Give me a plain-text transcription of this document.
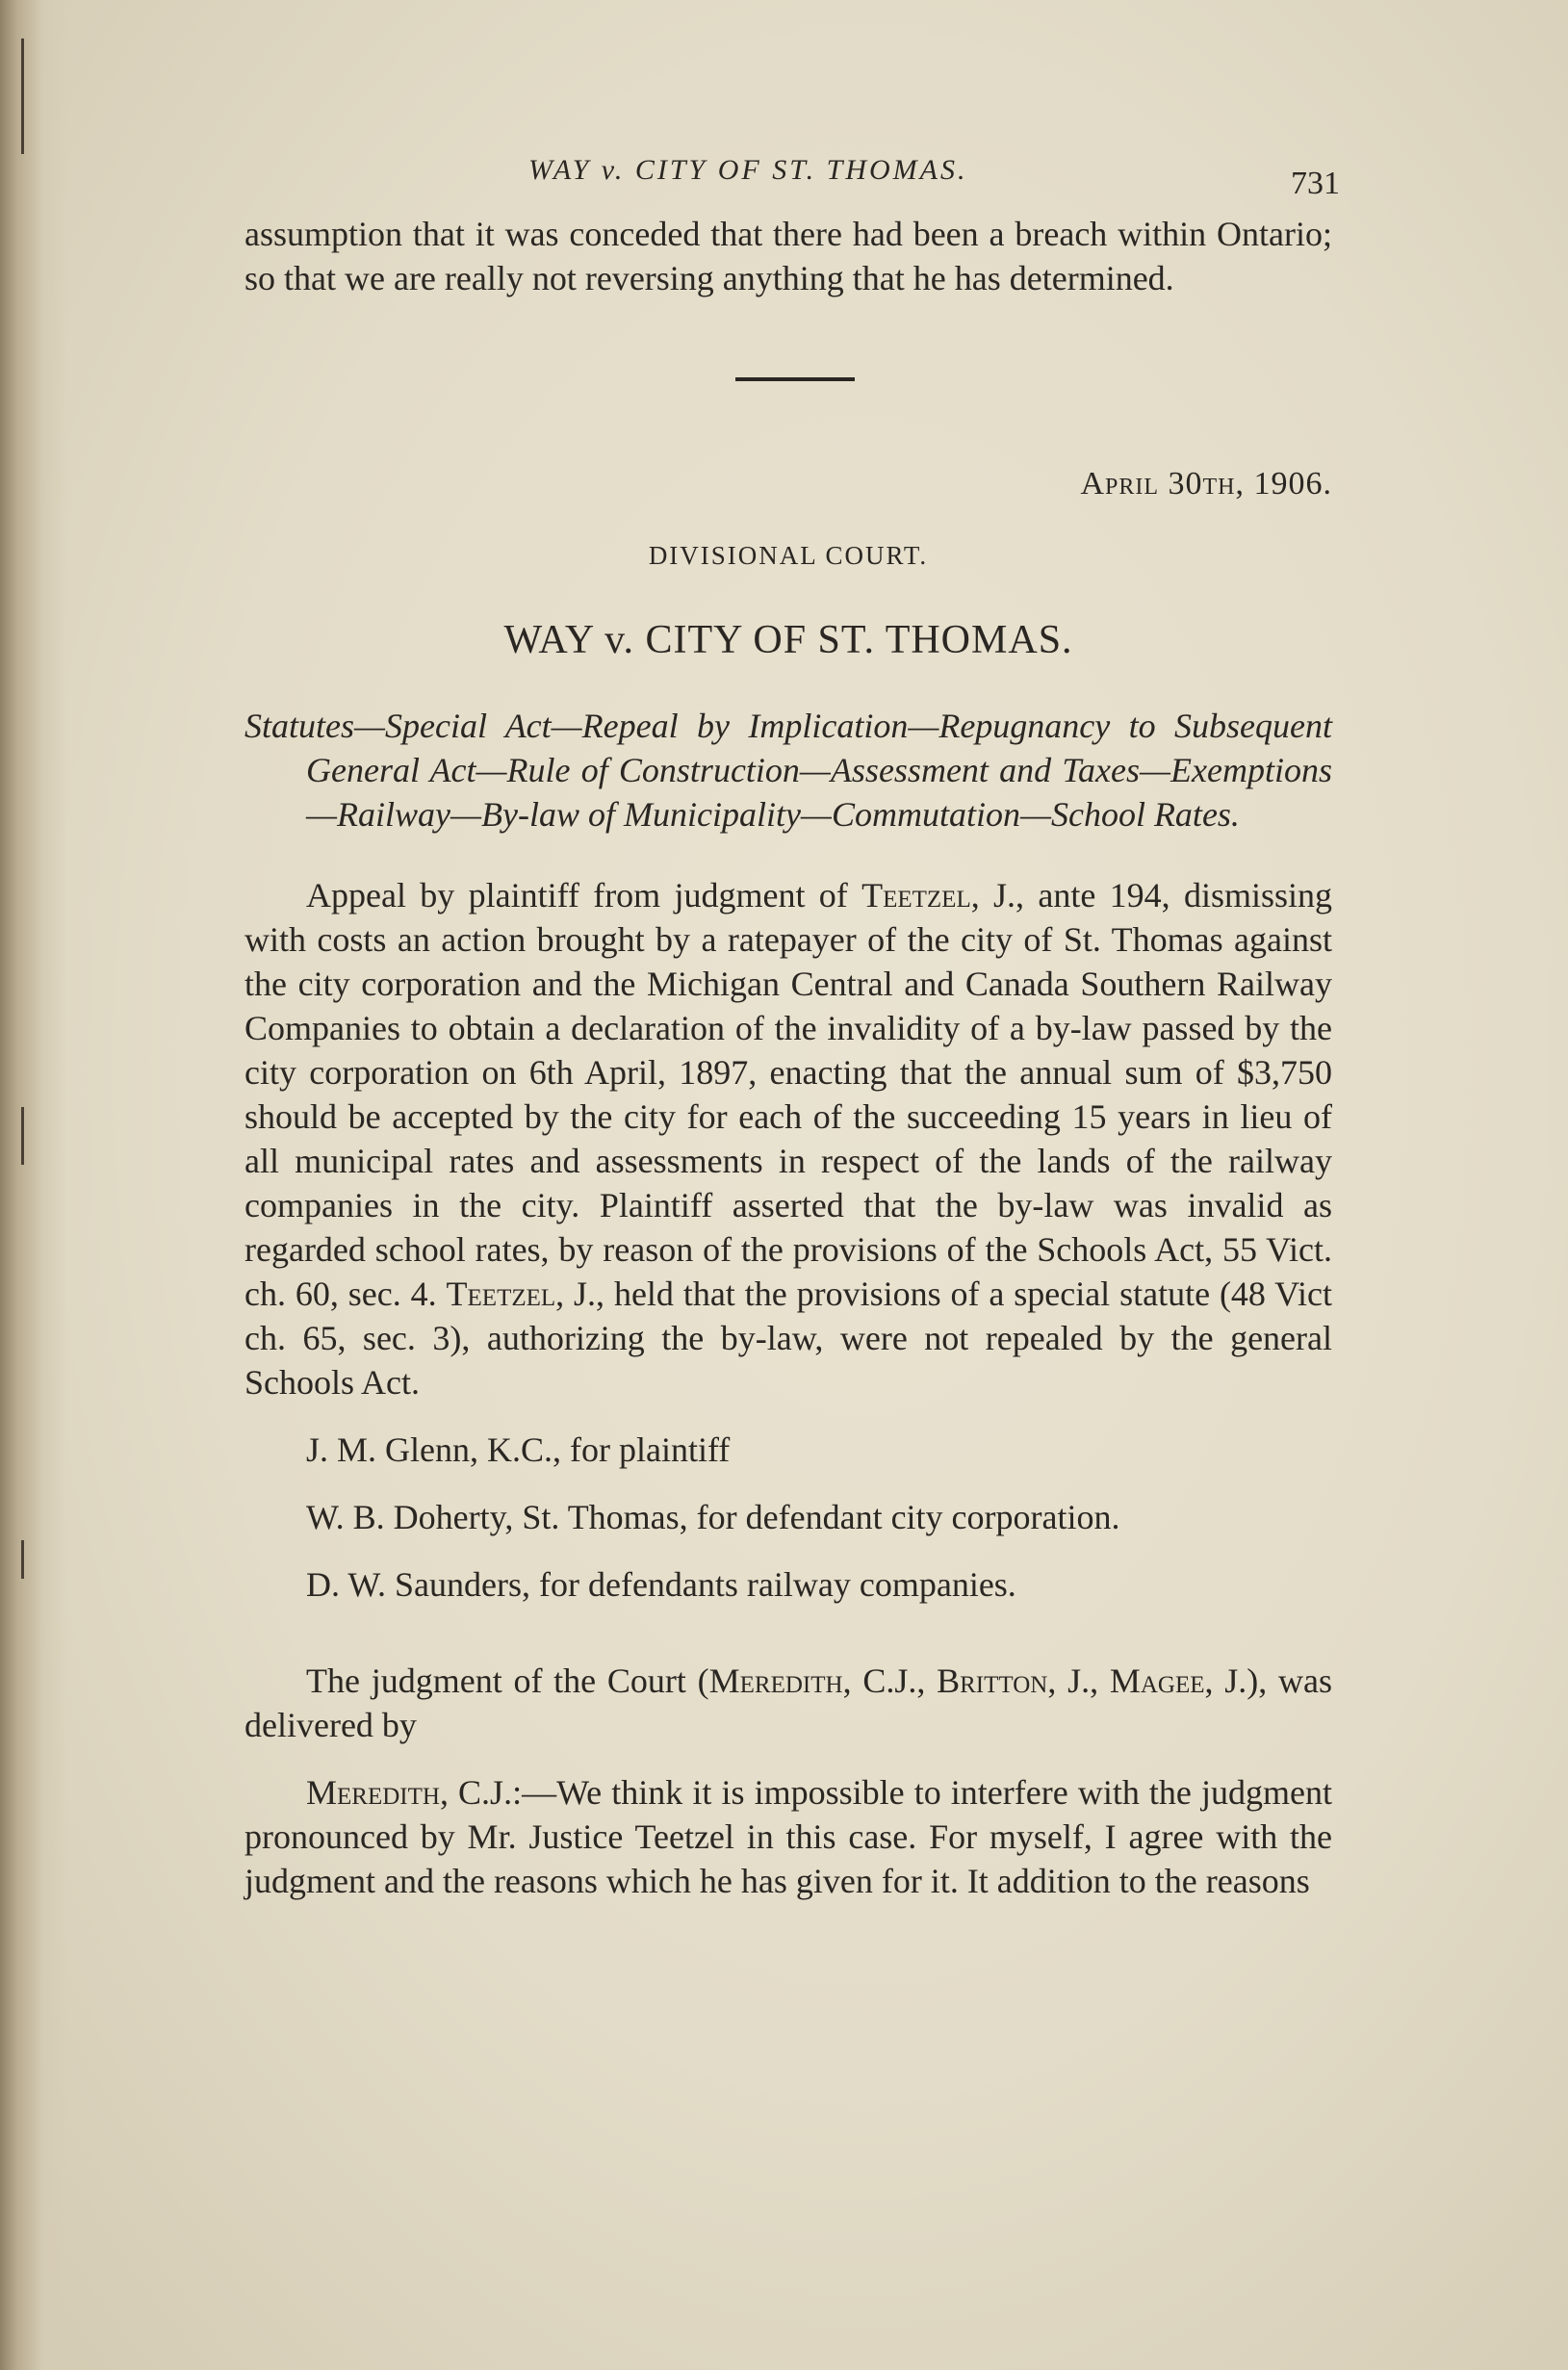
WAY v. CITY OF ST. THOMAS.	731

assumption that it was conceded that there had been a breach within Ontario; so that we are really not reversing anything that he has determined.

April 30th, 1906.
DIVISIONAL COURT.
WAY v. CITY OF ST. THOMAS.
Statutes—Special Act—Repeal by Implication—Repugnancy to Subsequent General Act—Rule of Construction—Assessment and Taxes—Exemptions—Railway—By-law of Municipality—Commutation—School Rates.

Appeal by plaintiff from judgment of Teetzel, J., ante 194, dismissing with costs an action brought by a ratepayer of the city of St. Thomas against the city corporation and the Michigan Central and Canada Southern Railway Companies to obtain a declaration of the invalidity of a by-law passed by the city corporation on 6th April, 1897, enacting that the annual sum of $3,750 should be accepted by the city for each of the succeeding 15 years in lieu of all municipal rates and assessments in respect of the lands of the railway companies in the city. Plaintiff asserted that the by-law was invalid as regarded school rates, by reason of the provisions of the Schools Act, 55 Vict. ch. 60, sec. 4. Teetzel, J., held that the provisions of a special statute (48 Vict ch. 65, sec. 3), authorizing the by-law, were not repealed by the general Schools Act.

J. M. Glenn, K.C., for plaintiff

W. B. Doherty, St. Thomas, for defendant city corporation.

D. W. Saunders, for defendants railway companies.

The judgment of the Court (Meredith, C.J., Britton, J., Magee, J.), was delivered by

Meredith, C.J.:—We think it is impossible to interfere with the judgment pronounced by Mr. Justice Teetzel in this case. For myself, I agree with the judgment and the reasons which he has given for it. It addition to the reasons
